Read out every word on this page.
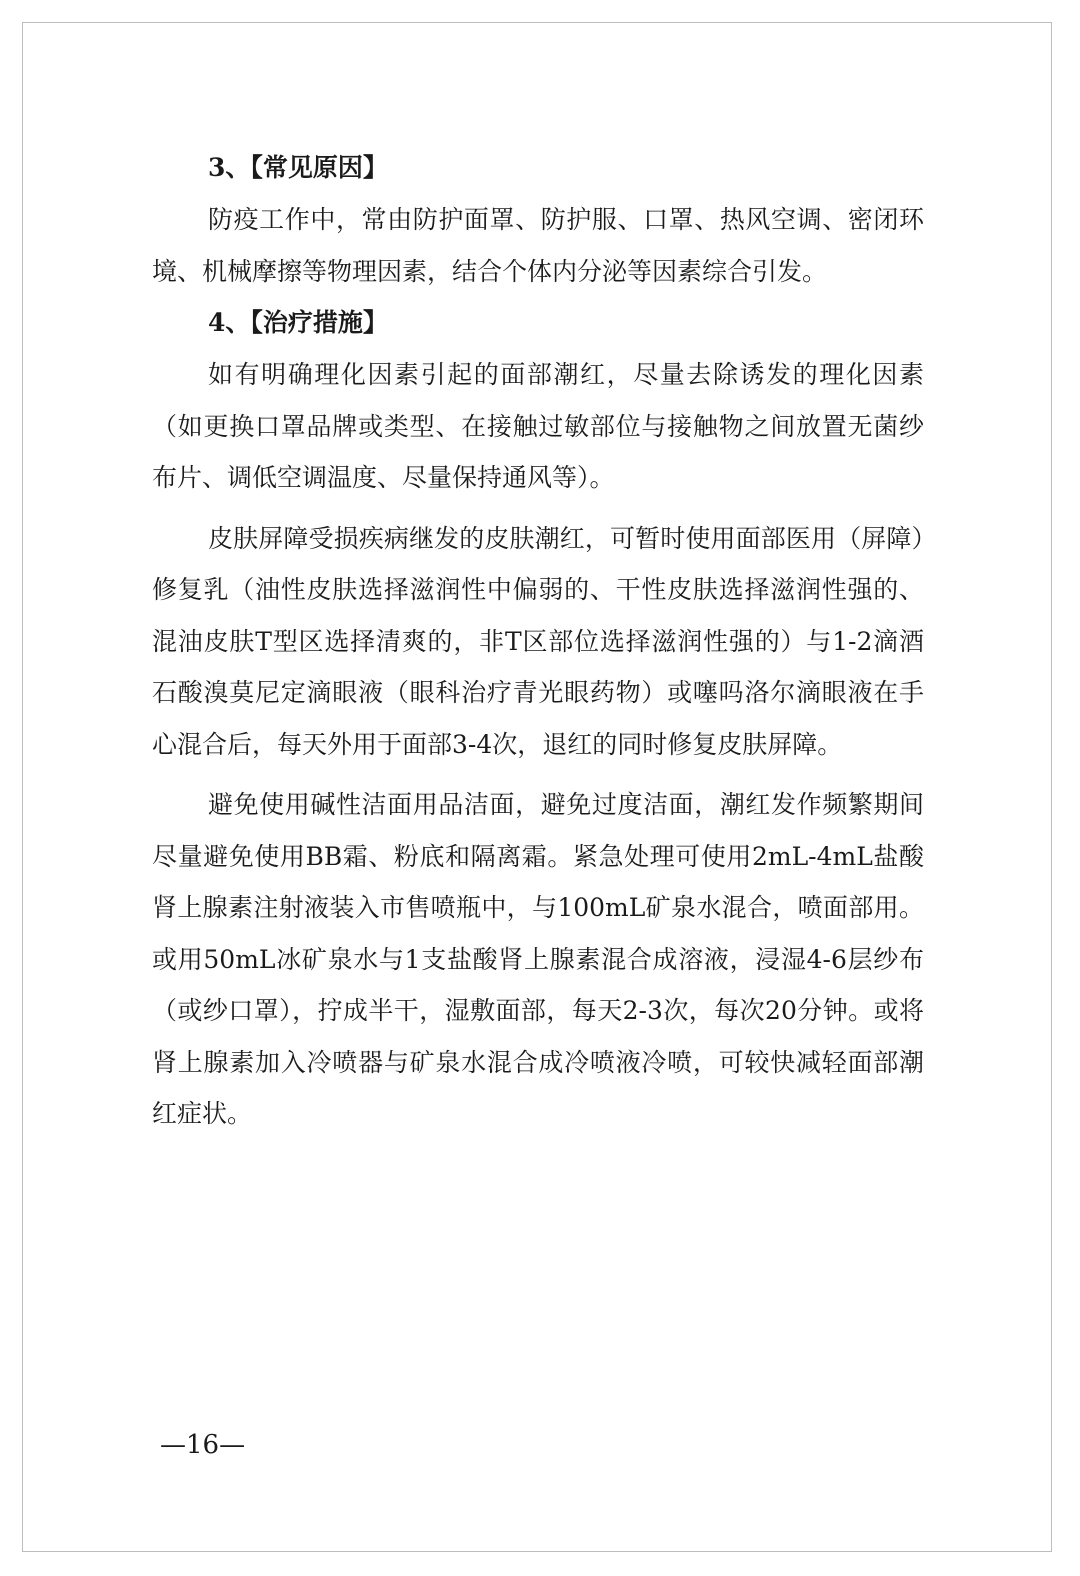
3、【常见原因】

防疫工作中，常由防护面罩、防护服、口罩、热风空调、密闭环境、机械摩擦等物理因素，结合个体内分泌等因素综合引发。

4、【治疗措施】

如有明确理化因素引起的面部潮红，尽量去除诱发的理化因素（如更换口罩品牌或类型、在接触过敏部位与接触物之间放置无菌纱布片、调低空调温度、尽量保持通风等）。

皮肤屏障受损疾病继发的皮肤潮红，可暂时使用面部医用（屏障）修复乳（油性皮肤选择滋润性中偏弱的、干性皮肤选择滋润性强的、混油皮肤T型区选择清爽的，非T区部位选择滋润性强的）与1-2滴酒石酸溴莫尼定滴眼液（眼科治疗青光眼药物）或噻吗洛尔滴眼液在手心混合后，每天外用于面部3-4次，退红的同时修复皮肤屏障。

避免使用碱性洁面用品洁面，避免过度洁面，潮红发作频繁期间尽量避免使用BB霜、粉底和隔离霜。紧急处理可使用2mL-4mL盐酸肾上腺素注射液装入市售喷瓶中，与100mL矿泉水混合，喷面部用。或用50mL冰矿泉水与1支盐酸肾上腺素混合成溶液，浸湿4-6层纱布（或纱口罩），拧成半干，湿敷面部，每天2-3次，每次20分钟。或将肾上腺素加入冷喷器与矿泉水混合成冷喷液冷喷，可较快减轻面部潮红症状。

—16—
